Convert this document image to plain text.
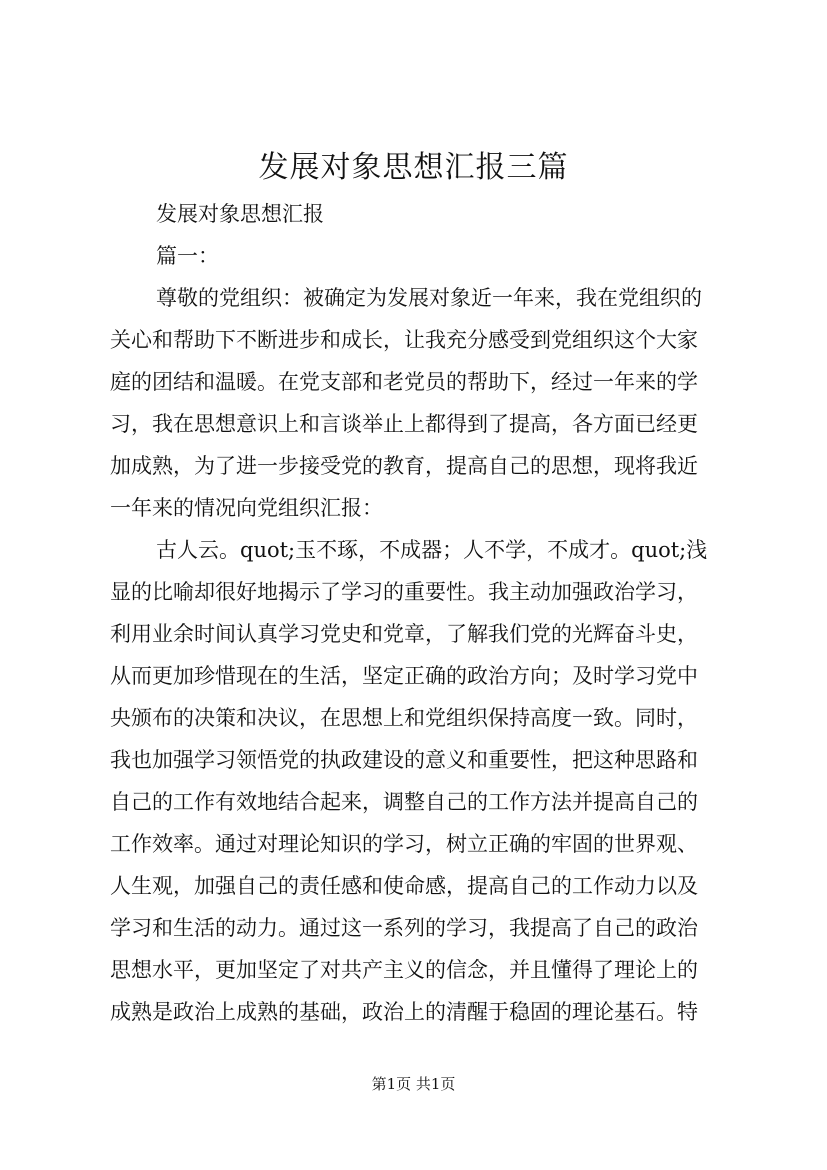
发展对象思想汇报三篇

发展对象思想汇报

篇一：

尊敬的党组织：被确定为发展对象近一年来，我在党组织的

关心和帮助下不断进步和成长，让我充分感受到党组织这个大家

庭的团结和温暖。在党支部和老党员的帮助下，经过一年来的学

习，我在思想意识上和言谈举止上都得到了提高，各方面已经更

加成熟，为了进一步接受党的教育，提高自己的思想，现将我近

一年来的情况向党组织汇报：

古人云。quot;玉不琢，不成器；人不学，不成才。quot;浅

显的比喻却很好地揭示了学习的重要性。我主动加强政治学习，

利用业余时间认真学习党史和党章，了解我们党的光辉奋斗史，

从而更加珍惜现在的生活，坚定正确的政治方向；及时学习党中

央颁布的决策和决议，在思想上和党组织保持高度一致。同时，

我也加强学习领悟党的执政建设的意义和重要性，把这种思路和

自己的工作有效地结合起来，调整自己的工作方法并提高自己的

工作效率。通过对理论知识的学习，树立正确的牢固的世界观、

人生观，加强自己的责任感和使命感，提高自己的工作动力以及

学习和生活的动力。通过这一系列的学习，我提高了自己的政治

思想水平，更加坚定了对共产主义的信念，并且懂得了理论上的

成熟是政治上成熟的基础，政治上的清醒于稳固的理论基石。特

第1页 共1页
